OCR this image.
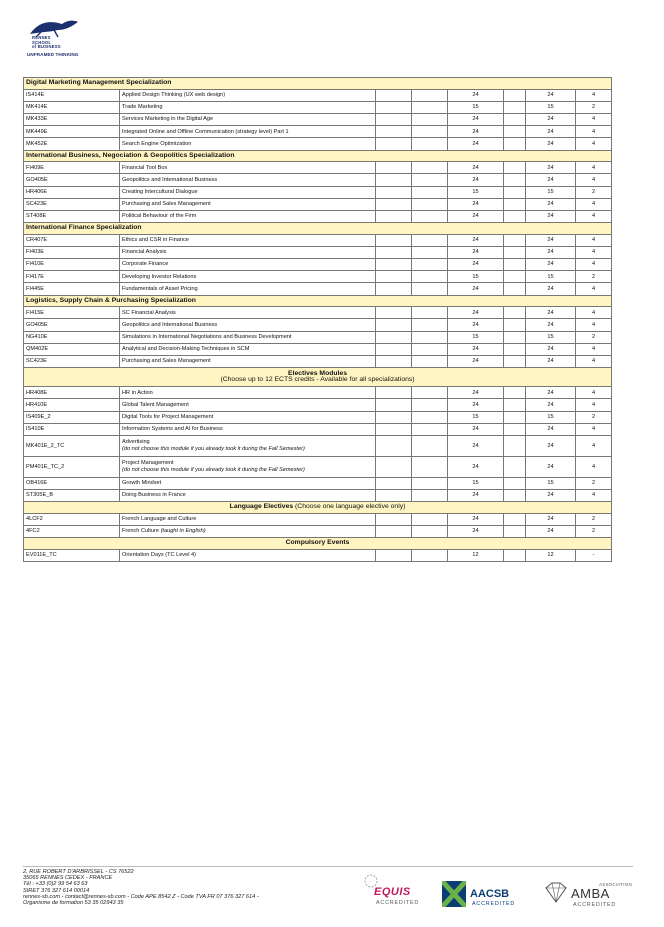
RENNES
SCHOOL
of BUSINESS
UNFRAMED THINKING
Digital Marketing Management Specialization							
IS414E	Applied Design Thinking (UX web design)			24		24	4
MK414E	Trade Marketing			15		15	2
MK433E	Services Marketing in the Digital Age			24		24	4
MK449E	Integrated Online and Offline Communication (strategy level) Part 1			24		24	4
MK452E	Search Engine Optimization			24		24	4
International Business, Negociation & Geopolitics Specialization							
FI409E	Financial Tool Box			24		24	4
GO405E	Geopolitics and International Business			24		24	4
HR406E	Creating Intercultural Dialogue			15		15	2
SC423E	Purchasing and Sales Management			24		24	4
ST408E	Political Behaviour of the Firm			24		24	4
International Finance Specialization							
CR407E	Ethics and CSR in Finance			24		24	4
FI403E	Financial Analysis			24		24	4
FI410E	Corporate Finance			24		24	4
FI417E	Developing Investor Relations			15		15	2
FI445E	Fundamentals of Asset Pricing			24		24	4
Logistics, Supply Chain & Purchasing Specialization							
FI415E	SC Financial Analysis			24		24	4
GO405E	Geopolitics and International Business			24		24	4
NG410E	Simulations in International Negotiations and Business Development			15		15	2
QM402E	Analytical and Decision-Making Techniques in SCM			24		24	4
SC423E	Purchasing and Sales Management			24		24	4
Electives Modules
(Choose up to 12 ECTS credits - Available for all specializations)							
HR408E	HR in Action			24		24	4
HR410E	Global Talent Management			24		24	4
IS409E_2	Digital Tools for Project Management			15		15	2
IS410E	Information Systems and AI for Business			24		24	4
MK401E_2_TC	Advertising
(do not choose this module if you already took it during the Fall Semester)			24		24	4
PM401E_TC_2	Project Management
(do not choose this module if you already took it during the Fall Semester)			24		24	4
OB416E	Growth Mindset			15		15	2
ST305E_B	Doing Business in France			24		24	4
Language Electives (Choose one language elective only)							
4LCF2	French Language and Culture			24		24	2
4FC2	French Culture (taught in English)			24		24	2
Compulsory Events							
EV011E_TC	Orientation Days (TC Level 4)			12		12	-
2, RUE ROBERT D'ARBRISSEL - CS 76522
35065 RENNES CEDEX - FRANCE
Tél : +33 (0)2 99 54 63 63
SIRET 376 327 614 00014
rennes-sb.com - contact@rennes-sb.com - Code APE 8542 Z - Code TVA FR 07 376 327 614 -
Organisme de formation 53 35 02943 35
EQUIS
ACCREDITED
AACSB
ACCREDITED
ASSOCIATION
AMBA
ACCREDITED
